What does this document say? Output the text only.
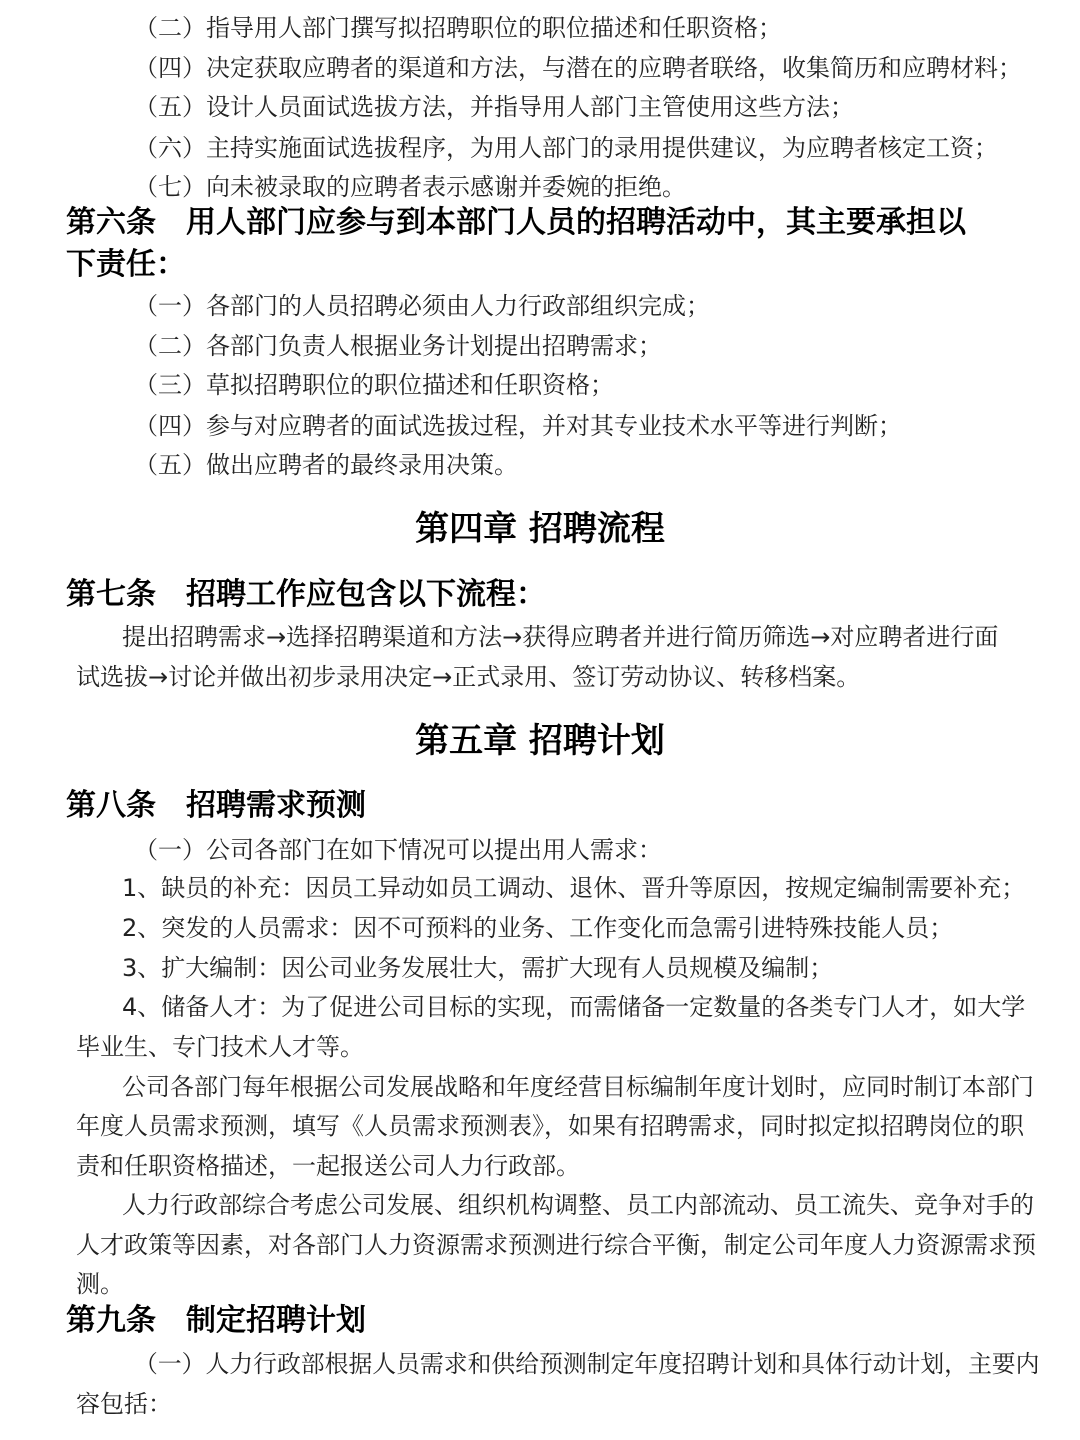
（二）指导用人部门撰写拟招聘职位的职位描述和任职资格；
（四）决定获取应聘者的渠道和方法，与潜在的应聘者联络，收集简历和应聘材料；
（五）设计人员面试选拔方法，并指导用人部门主管使用这些方法；
（六）主持实施面试选拔程序，为用人部门的录用提供建议，为应聘者核定工资；
（七）向未被录取的应聘者表示感谢并委婉的拒绝。
第六条　用人部门应参与到本部门人员的招聘活动中，其主要承担以
下责任：
（一）各部门的人员招聘必须由人力行政部组织完成；
（二）各部门负责人根据业务计划提出招聘需求；
（三）草拟招聘职位的职位描述和任职资格；
（四）参与对应聘者的面试选拔过程，并对其专业技术水平等进行判断；
（五）做出应聘者的最终录用决策。
第四章 招聘流程
第七条　招聘工作应包含以下流程：
提出招聘需求→选择招聘渠道和方法→获得应聘者并进行简历筛选→对应聘者进行面
试选拔→讨论并做出初步录用决定→正式录用、签订劳动协议、转移档案。
第五章 招聘计划
第八条　招聘需求预测
（一）公司各部门在如下情况可以提出用人需求：
1、缺员的补充：因员工异动如员工调动、退休、晋升等原因，按规定编制需要补充；
2、突发的人员需求：因不可预料的业务、工作变化而急需引进特殊技能人员；
3、扩大编制：因公司业务发展壮大，需扩大现有人员规模及编制；
4、储备人才：为了促进公司目标的实现，而需储备一定数量的各类专门人才，如大学
毕业生、专门技术人才等。
公司各部门每年根据公司发展战略和年度经营目标编制年度计划时，应同时制订本部门
年度人员需求预测，填写《人员需求预测表》，如果有招聘需求，同时拟定拟招聘岗位的职
责和任职资格描述，一起报送公司人力行政部。
人力行政部综合考虑公司发展、组织机构调整、员工内部流动、员工流失、竞争对手的
人才政策等因素，对各部门人力资源需求预测进行综合平衡，制定公司年度人力资源需求预
测。
第九条　制定招聘计划
（一）人力行政部根据人员需求和供给预测制定年度招聘计划和具体行动计划，主要内
容包括：
